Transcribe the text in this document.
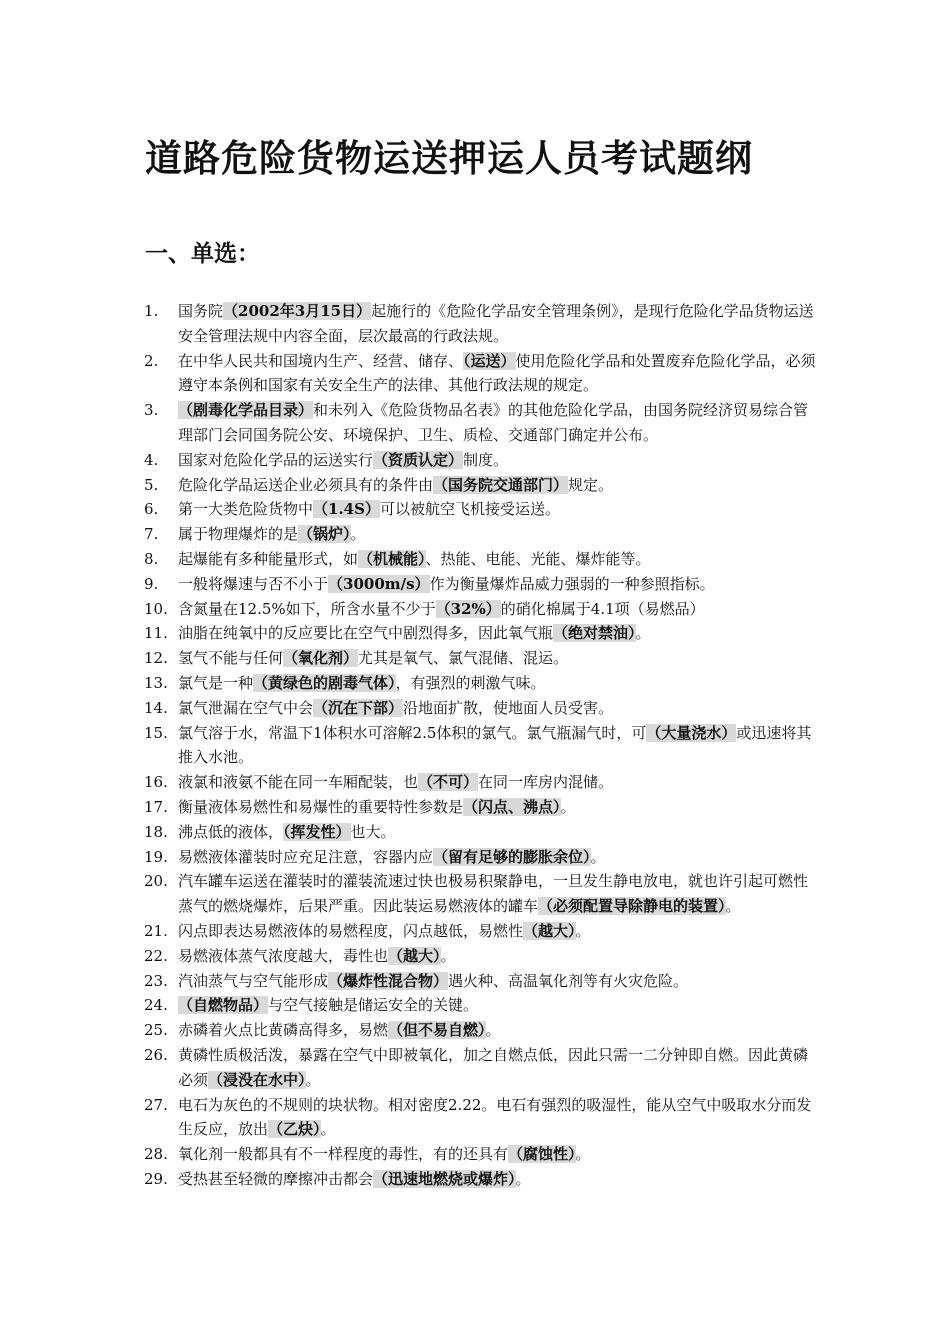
道路危险货物运送押运人员考试题纲
一、单选：
1. 国务院（2002年3月15日）起施行的《危险化学品安全管理条例》，是现行危险化学品货物运送安全管理法规中内容全面，层次最高的行政法规。
2. 在中华人民共和国境内生产、经营、储存、（运送）使用危险化学品和处置废弃危险化学品，必须遵守本条例和国家有关安全生产的法律、其他行政法规的规定。
3. （剧毒化学品目录）和未列入《危险货物品名表》的其他危险化学品，由国务院经济贸易综合管理部门会同国务院公安、环境保护、卫生、质检、交通部门确定并公布。
4. 国家对危险化学品的运送实行（资质认定）制度。
5. 危险化学品运送企业必须具有的条件由（国务院交通部门）规定。
6. 第一大类危险货物中（1.4S）可以被航空飞机接受运送。
7. 属于物理爆炸的是（锅炉）。
8. 起爆能有多种能量形式，如（机械能）、热能、电能、光能、爆炸能等。
9. 一般将爆速与否不小于（3000m/s）作为衡量爆炸品威力强弱的一种参照指标。
10. 含氮量在12.5%如下，所含水量不少于（32%）的硝化棉属于4.1项（易燃品）
11. 油脂在纯氧中的反应要比在空气中剧烈得多，因此氧气瓶（绝对禁油）。
12. 氢气不能与任何（氧化剂）尤其是氧气、氯气混储、混运。
13. 氯气是一种（黄绿色的剧毒气体），有强烈的刺激气味。
14. 氯气泄漏在空气中会（沉在下部）沿地面扩散，使地面人员受害。
15. 氯气溶于水，常温下1体积水可溶解2.5体积的氯气。氯气瓶漏气时，可（大量浇水）或迅速将其推入水池。
16. 液氯和液氨不能在同一车厢配装，也（不可）在同一库房内混储。
17. 衡量液体易燃性和易爆性的重要特性参数是（闪点、沸点）。
18. 沸点低的液体，（挥发性）也大。
19. 易燃液体灌装时应充足注意，容器内应（留有足够的膨胀余位）。
20. 汽车罐车运送在灌装时的灌装流速过快也极易积聚静电，一旦发生静电放电，就也许引起可燃性蒸气的燃烧爆炸，后果严重。因此装运易燃液体的罐车（必须配置导除静电的装置）。
21. 闪点即表达易燃液体的易燃程度，闪点越低，易燃性（越大）。
22. 易燃液体蒸气浓度越大，毒性也（越大）。
23. 汽油蒸气与空气能形成（爆炸性混合物）遇火种、高温氧化剂等有火灾危险。
24. （自燃物品）与空气接触是储运安全的关键。
25. 赤磷着火点比黄磷高得多，易燃（但不易自燃）。
26. 黄磷性质极活泼，暴露在空气中即被氧化，加之自燃点低，因此只需一二分钟即自燃。因此黄磷必须（浸没在水中）。
27. 电石为灰色的不规则的块状物。相对密度2.22。电石有强烈的吸湿性，能从空气中吸取水分而发生反应，放出（乙炔）。
28. 氧化剂一般都具有不一样程度的毒性，有的还具有（腐蚀性）。
29. 受热甚至轻微的摩擦冲击都会（迅速地燃烧或爆炸）。
